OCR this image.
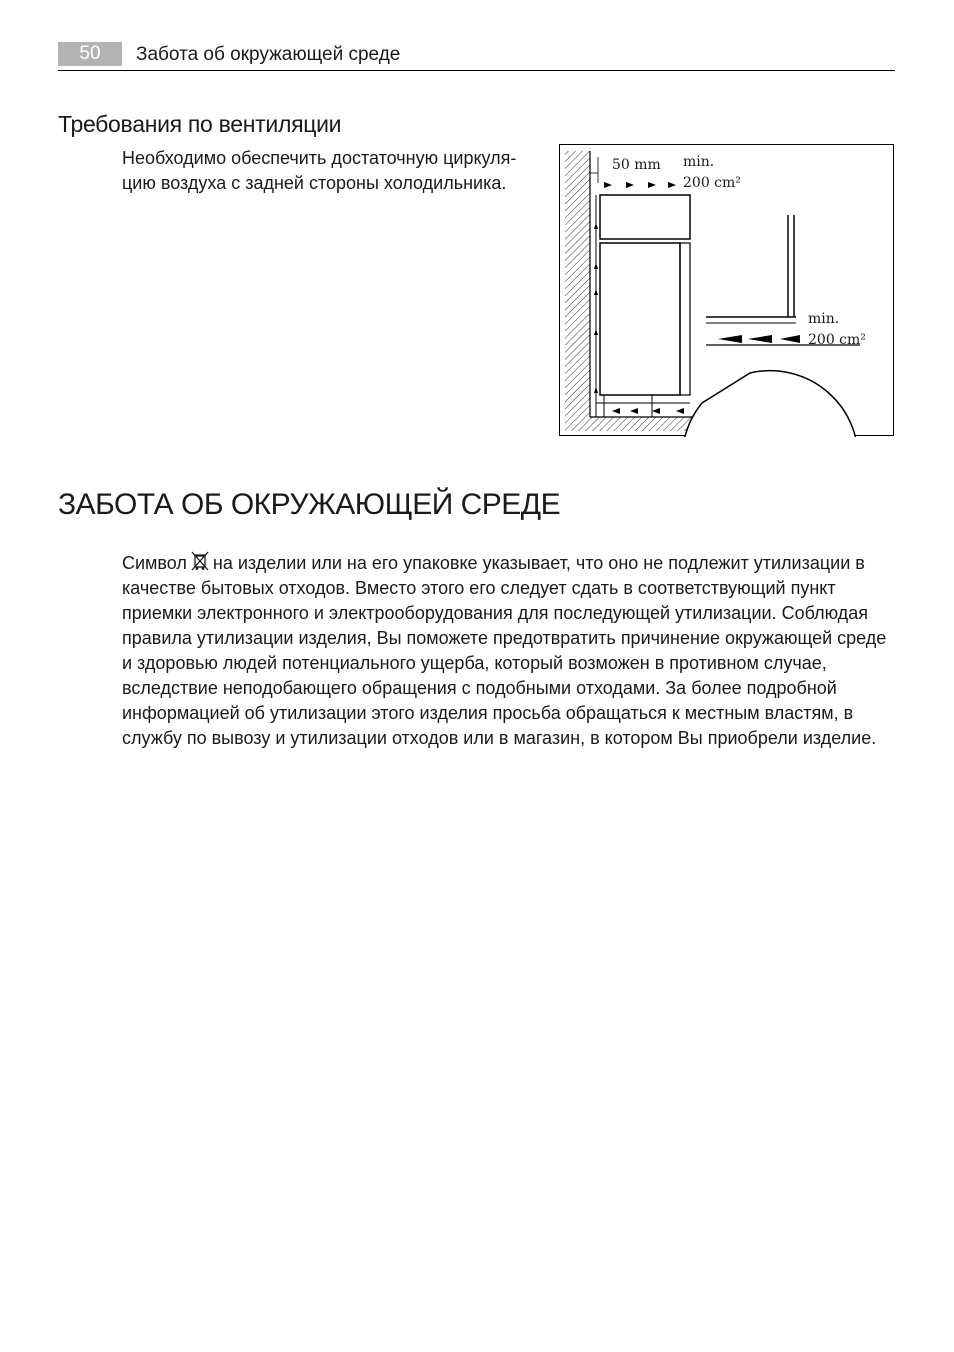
50	Забота об окружающей среде
Требования по вентиляции

Необходимо обеспечить достаточную циркуля-цию воздуха с задней стороны холодильника.

50 mm min.
200 cm²
min.
200 cm²
ЗАБОТА ОБ ОКРУЖАЮЩЕЙ СРЕДЕ

Символ на изделии или на его упаковке указывает, что оно не подлежит утилизации в качестве бытовых отходов. Вместо этого его следует сдать в соответствующий пункт приемки электронного и электрооборудования для последующей утилизации. Соблюдая правила утилизации изделия, Вы поможете предотвратить причинение окружающей среде и здоровью людей потенциального ущерба, который возможен в противном случае, вследствие неподобающего обращения с подобными отходами. За более подробной информацией об утилизации этого изделия просьба обращаться к местным властям, в службу по вывозу и утилизации отходов или в магазин, в котором Вы приобрели изделие.
